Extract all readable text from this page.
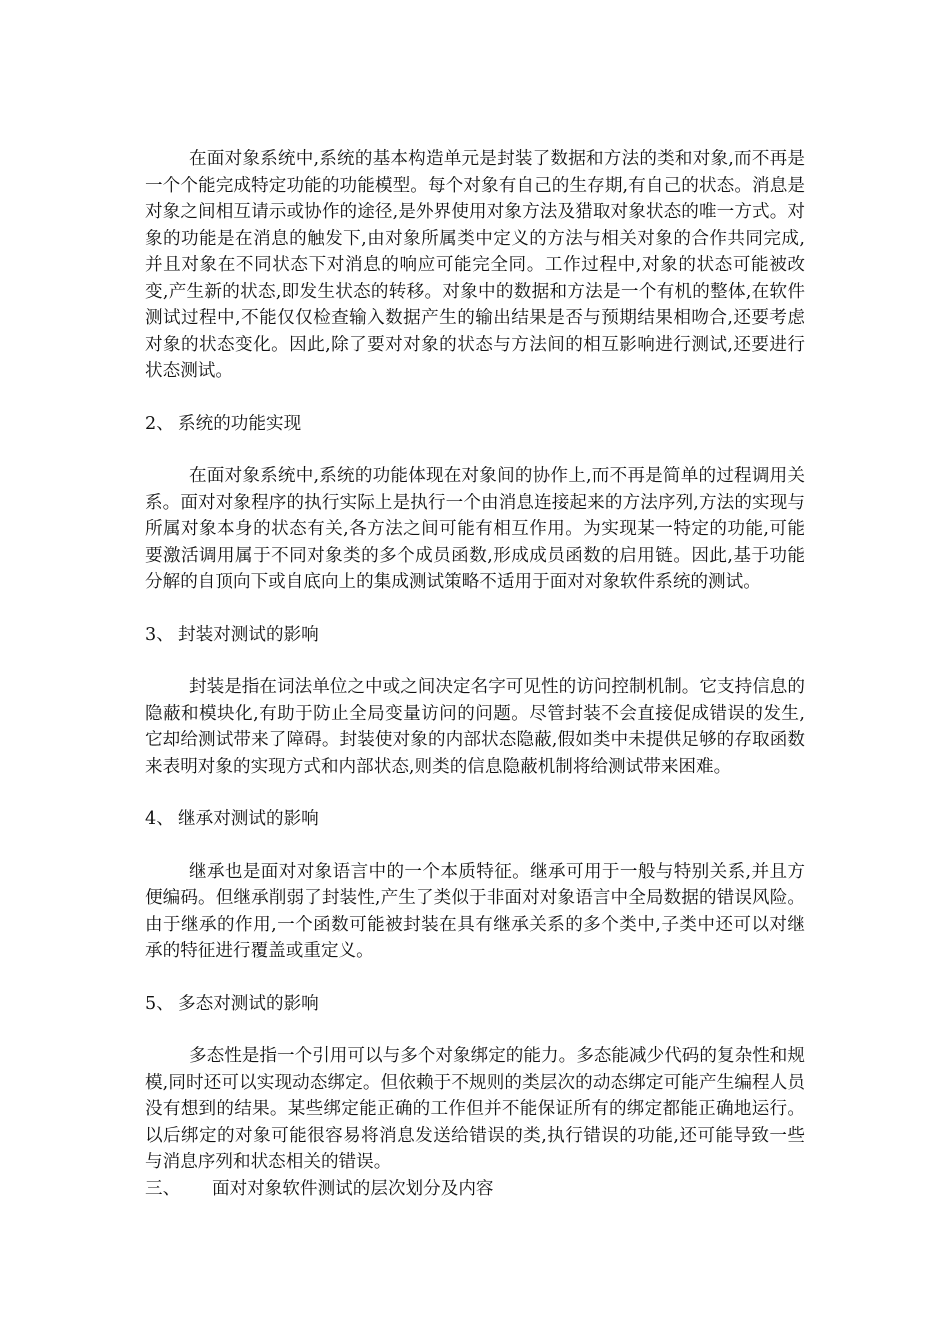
在面对象系统中,系统的基本构造单元是封装了数据和方法的类和对象,而不再是一个个能完成特定功能的功能模型。每个对象有自己的生存期,有自己的状态。消息是对象之间相互请示或协作的途径,是外界使用对象方法及猎取对象状态的唯一方式。对象的功能是在消息的触发下,由对象所属类中定义的方法与相关对象的合作共同完成,并且对象在不同状态下对消息的响应可能完全同。工作过程中,对象的状态可能被改变,产生新的状态,即发生状态的转移。对象中的数据和方法是一个有机的整体,在软件测试过程中,不能仅仅检查输入数据产生的输出结果是否与预期结果相吻合,还要考虑对象的状态变化。因此,除了要对对象的状态与方法间的相互影响进行测试,还要进行状态测试。

2、 系统的功能实现

在面对象系统中,系统的功能体现在对象间的协作上,而不再是简单的过程调用关系。面对对象程序的执行实际上是执行一个由消息连接起来的方法序列,方法的实现与所属对象本身的状态有关,各方法之间可能有相互作用。为实现某一特定的功能,可能要激活调用属于不同对象类的多个成员函数,形成成员函数的启用链。因此,基于功能分解的自顶向下或自底向上的集成测试策略不适用于面对对象软件系统的测试。

3、 封装对测试的影响

封装是指在词法单位之中或之间决定名字可见性的访问控制机制。它支持信息的隐蔽和模块化,有助于防止全局变量访问的问题。尽管封装不会直接促成错误的发生,它却给测试带来了障碍。封装使对象的内部状态隐蔽,假如类中未提供足够的存取函数来表明对象的实现方式和内部状态,则类的信息隐蔽机制将给测试带来困难。

4、 继承对测试的影响

继承也是面对对象语言中的一个本质特征。继承可用于一般与特别关系,并且方便编码。但继承削弱了封装性,产生了类似于非面对对象语言中全局数据的错误风险。由于继承的作用,一个函数可能被封装在具有继承关系的多个类中,子类中还可以对继承的特征进行覆盖或重定义。

5、 多态对测试的影响

多态性是指一个引用可以与多个对象绑定的能力。多态能减少代码的复杂性和规模,同时还可以实现动态绑定。但依赖于不规则的类层次的动态绑定可能产生编程人员没有想到的结果。某些绑定能正确的工作但并不能保证所有的绑定都能正确地运行。以后绑定的对象可能很容易将消息发送给错误的类,执行错误的功能,还可能导致一些与消息序列和状态相关的错误。

三、	面对对象软件测试的层次划分及内容
